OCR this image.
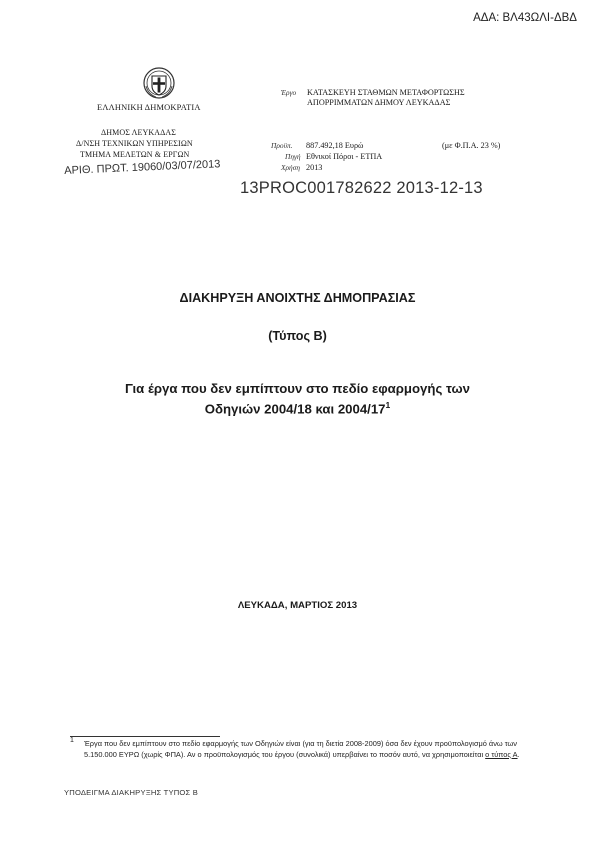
ΑΔΑ: ΒΛ43ΩΛΙ-ΔΒΔ
ΕΛΛΗΝΙΚΗ ΔΗΜΟΚΡΑΤΙΑ
ΔΗΜΟΣ ΛΕΥΚΑΔΑΣ
Δ/ΝΣΗ ΤΕΧΝΙΚΩΝ ΥΠΗΡΕΣΙΩΝ
ΤΜΗΜΑ ΜΕΛΕΤΩΝ & ΕΡΓΩΝ
ΑΡΙΘ. ΠΡΩΤ. 19060/03/07/2013
Έργο ΚΑΤΑΣΚΕΥΗ ΣΤΑΘΜΩΝ ΜΕΤΑΦΟΡΤΩΣΗΣ
ΑΠΟΡΡΙΜΜΑΤΩΝ ΔΗΜΟΥ ΛΕΥΚΑΔΑΣ
Προϋπ. 887.492,18 Ευρώ	(με Φ.Π.Α. 23 %)
Πηγή Εθνικοί Πόροι - ΕΤΠΑ
Χρήση 2013
13PROC001782622 2013-12-13
ΔΙΑΚΗΡΥΞΗ ΑΝΟΙΧΤΗΣ ΔΗΜΟΠΡΑΣΙΑΣ
(Τύπος Β)
Για έργα που δεν εμπίπτουν στο πεδίο εφαρμογής των
Οδηγιών 2004/18 και $2004/17^1$
ΛΕΥΚΑΔΑ, ΜΑΡΤΙΟΣ 2013
1 Έργα που δεν εμπίπτουν στο πεδίο εφαρμογής των Οδηγιών είναι (για τη διετία 2008-2009) όσα δεν έχουν προϋπολογισμό άνω των 5.150.000 ΕΥΡΩ (χωρίς ΦΠΑ). Αν ο προϋπολογισμός του έργου (συνολικά) υπερβαίνει το ποσόν αυτό, να χρησιμοποιείται ο τύπος Α.
ΥΠΟΔΕΙΓΜΑ ΔΙΑΚΗΡΥΞΗΣ ΤΥΠΟΣ Β
